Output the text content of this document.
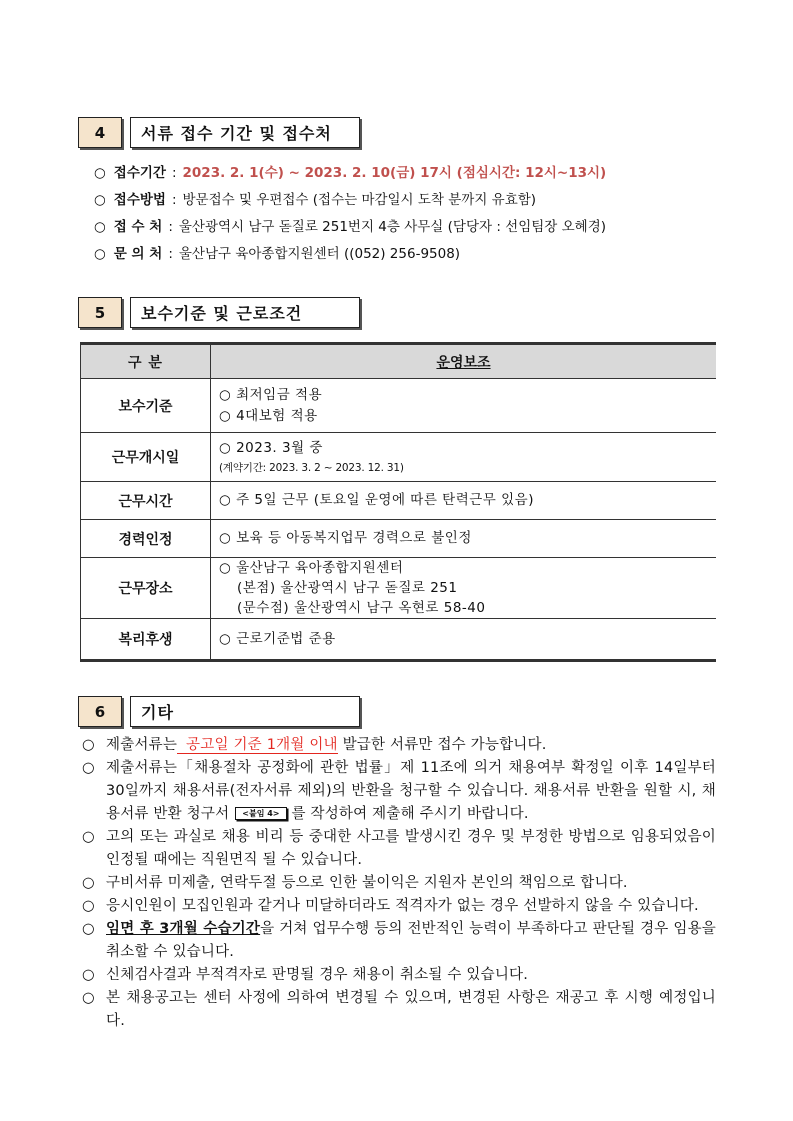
4	서류 접수 기간 및 접수처
○ 접수기간 : 2023. 2. 1(수) ~ 2023. 2. 10(금) 17시 (점심시간: 12시~13시)
○ 접수방법 : 방문접수 및 우편접수 (접수는 마감일시 도착 분까지 유효함)
○ 접 수 처 : 울산광역시 남구 돋질로 251번지 4층 사무실 (담당자 : 선임팀장 오혜경)
○ 문 의 처 : 울산남구 육아종합지원센터 ((052) 256-9508)
5	보수기준 및 근로조건
구 분	운영보조
보수기준	○ 최저임금 적용
○ 4대보험 적용

근무개시일	○ 2023. 3월 중
(계약기간: 2023. 3. 2 ~ 2023. 12. 31)

근무시간	○ 주 5일 근무 (토요일 운영에 따른 탄력근무 있음)

경력인정	○ 보육 등 아동복지업무 경력으로 불인정

근무장소	○ 울산남구 육아종합지원센터
(본점) 울산광역시 남구 돋질로 251
(문수점) 울산광역시 남구 옥현로 58-40

복리후생	○ 근로기준법 준용
6	기타
○ 제출서류는 공고일 기준 1개월 이내 발급한 서류만 접수 가능합니다.
○ 제출서류는「채용절차 공정화에 관한 법률」제 11조에 의거 채용여부 확정일 이후 14일부터 30일까지 채용서류(전자서류 제외)의 반환을 청구할 수 있습니다. 채용서류 반환을 원할 시, 채용서류 반환 청구서 <붙임 4> 를 작성하여 제출해 주시기 바랍니다.
○ 고의 또는 과실로 채용 비리 등 중대한 사고를 발생시킨 경우 및 부정한 방법으로 임용되었음이 인정될 때에는 직원면직 될 수 있습니다.
○ 구비서류 미제출, 연락두절 등으로 인한 불이익은 지원자 본인의 책임으로 합니다.
○ 응시인원이 모집인원과 같거나 미달하더라도 적격자가 없는 경우 선발하지 않을 수 있습니다.
○ 임면 후 3개월 수습기간을 거쳐 업무수행 등의 전반적인 능력이 부족하다고 판단될 경우 임용을 취소할 수 있습니다.
○ 신체검사결과 부적격자로 판명될 경우 채용이 취소될 수 있습니다.
○ 본 채용공고는 센터 사정에 의하여 변경될 수 있으며, 변경된 사항은 재공고 후 시행 예정입니다.
